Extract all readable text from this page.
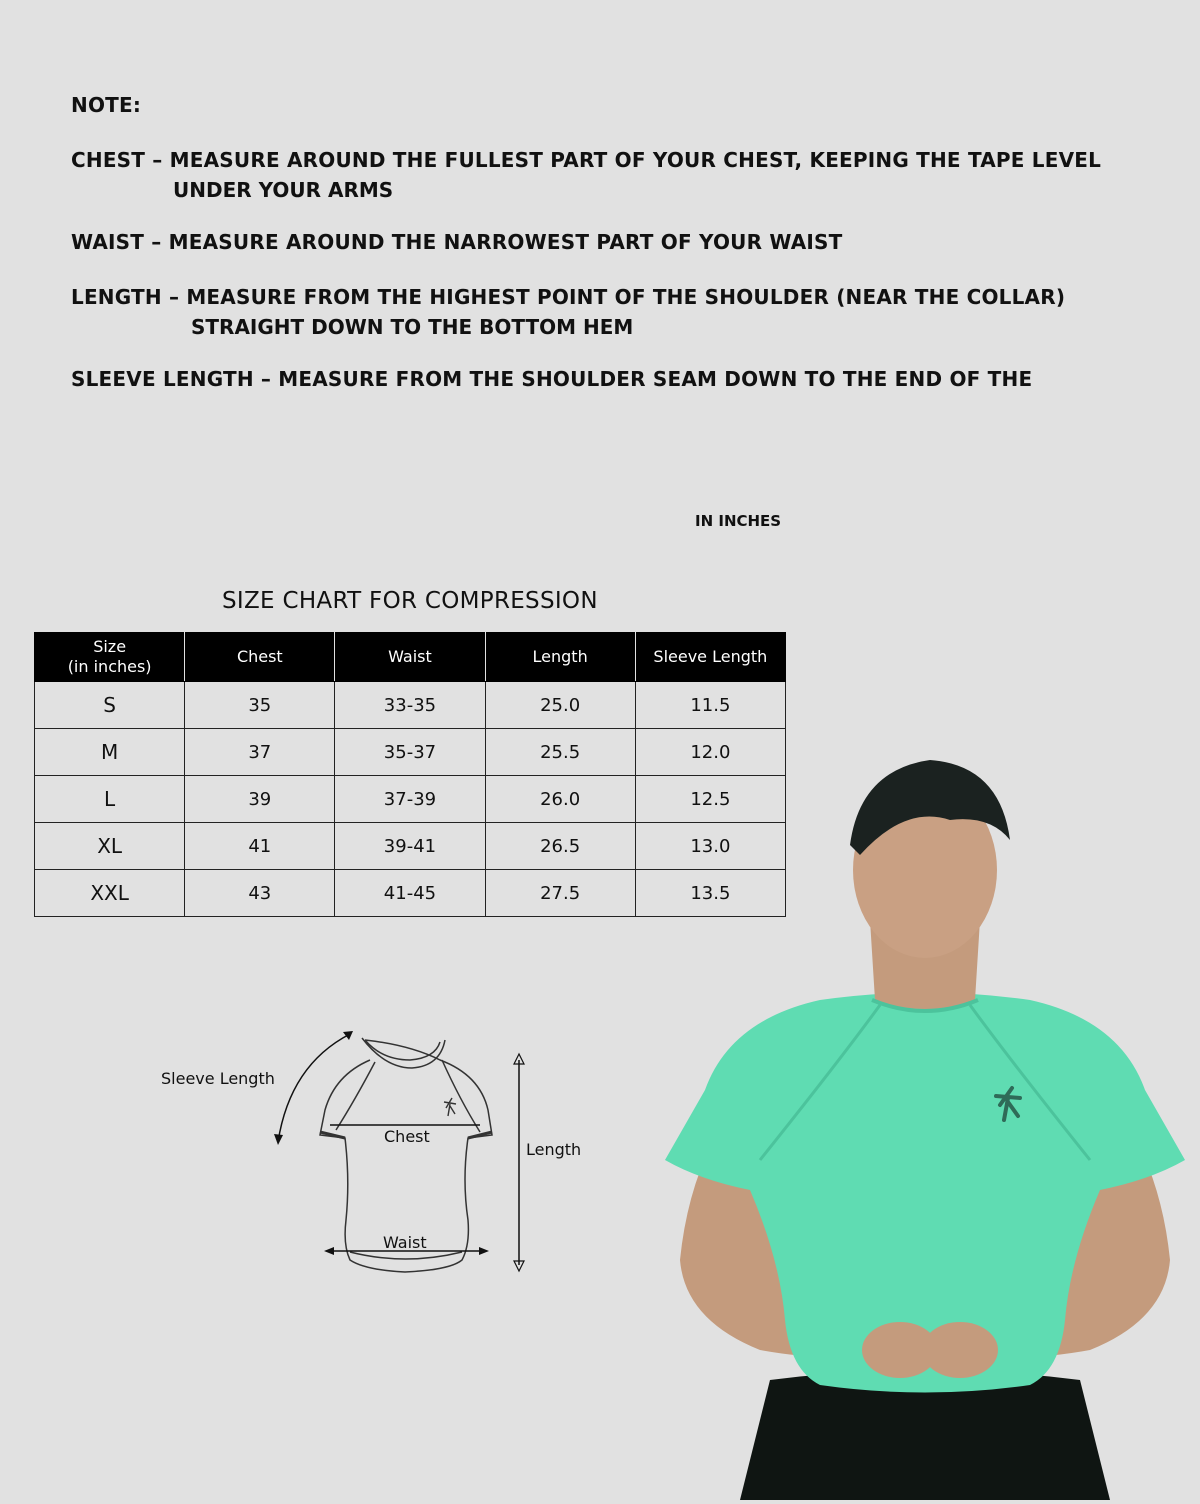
NOTE:
CHEST – MEASURE AROUND THE FULLEST PART OF YOUR CHEST, KEEPING THE TAPE LEVEL
UNDER YOUR ARMS
WAIST – MEASURE AROUND THE NARROWEST PART OF YOUR WAIST
LENGTH – MEASURE FROM THE HIGHEST POINT OF THE SHOULDER (NEAR THE COLLAR)
STRAIGHT DOWN TO THE BOTTOM HEM
SLEEVE LENGTH – MEASURE FROM THE SHOULDER SEAM DOWN TO THE END OF THE
IN INCHES
SIZE CHART FOR COMPRESSION
Size
(in inches)	Chest	Waist	Length	Sleeve Length
S	35	33-35	25.0	11.5
M	37	35-37	25.5	12.0
L	39	37-39	26.0	12.5
XL	41	39-41	26.5	13.0
XXL	43	41-45	27.5	13.5
Sleeve Length
Chest
Waist
Length
